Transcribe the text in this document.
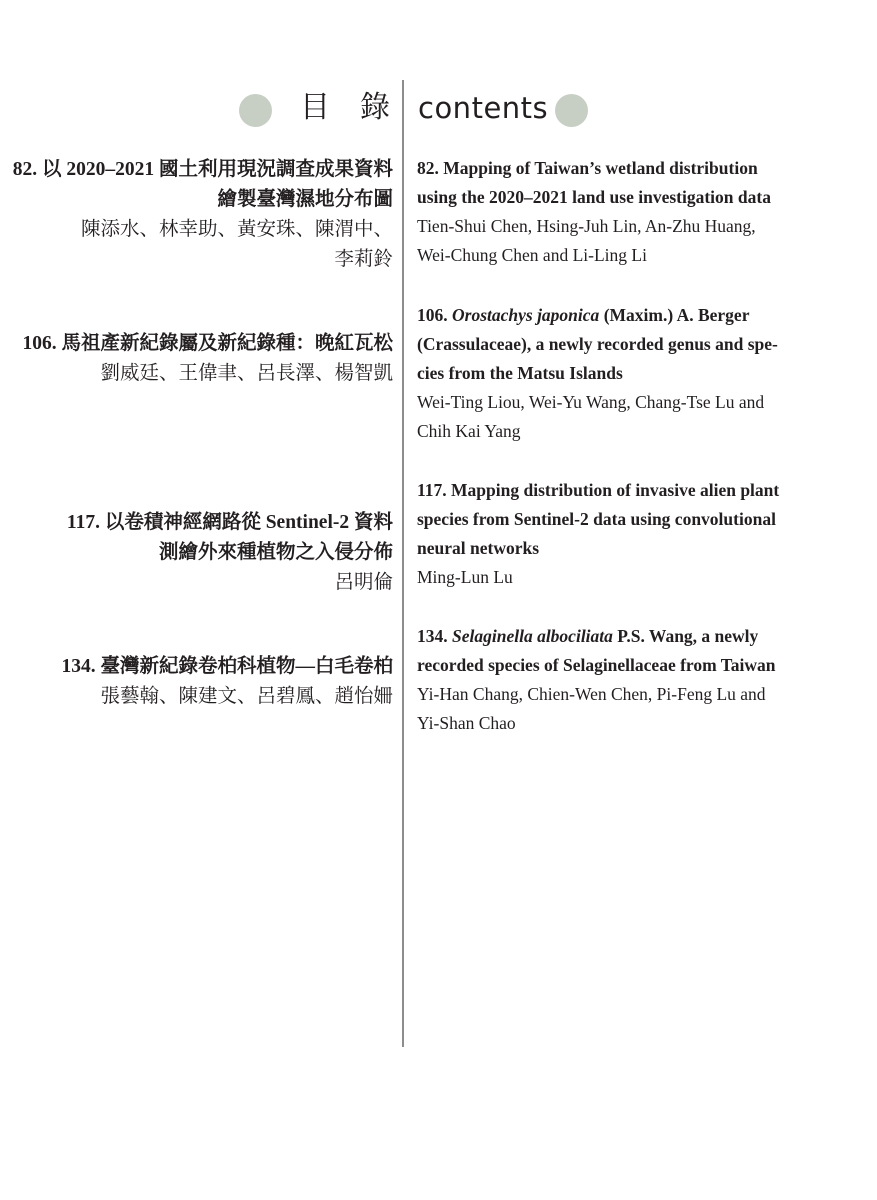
目　錄 contents
82. 以 2020–2021 國土利用現況調查成果資料
繪製臺灣濕地分布圖
陳添水、林幸助、黃安珠、陳渭中、
李莉鈴
106. 馬祖產新紀錄屬及新紀錄種：晚紅瓦松
劉威廷、王偉聿、呂長澤、楊智凱
117. 以卷積神經網路從 Sentinel-2 資料
測繪外來種植物之入侵分佈
呂明倫
134. 臺灣新紀錄卷柏科植物—白毛卷柏
張藝翰、陳建文、呂碧鳳、趙怡姍
82. Mapping of Taiwan’s wetland distribution
using the 2020–2021 land use investigation data
Tien-Shui Chen, Hsing-Juh Lin, An-Zhu Huang,
Wei-Chung Chen and Li-Ling Li
106. Orostachys japonica (Maxim.) A. Berger
(Crassulaceae), a newly recorded genus and spe-
cies from the Matsu Islands
Wei-Ting Liou, Wei-Yu Wang, Chang-Tse Lu and
Chih Kai Yang
117. Mapping distribution of invasive alien plant
species from Sentinel-2 data using convolutional
neural networks
Ming-Lun Lu
134. Selaginella albociliata P.S. Wang, a newly
recorded species of Selaginellaceae from Taiwan
Yi-Han Chang, Chien-Wen Chen, Pi-Feng Lu and
Yi-Shan Chao
